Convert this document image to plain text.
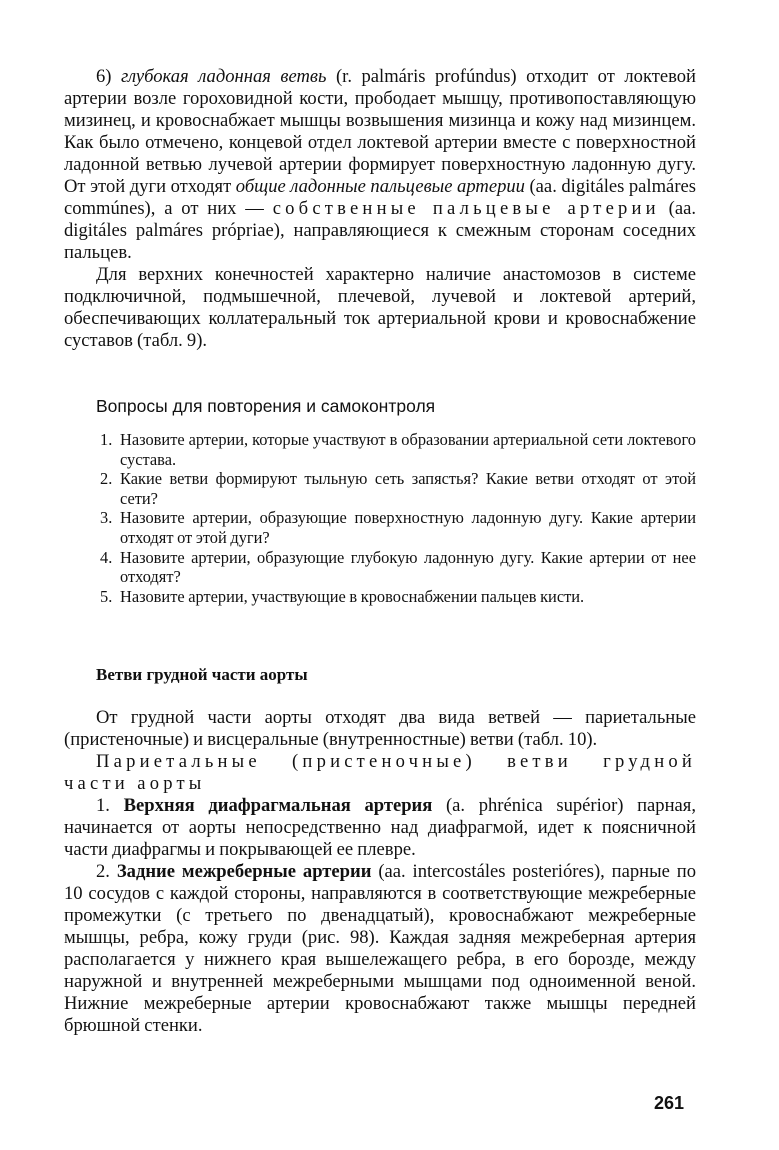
6) глубокая ладонная ветвь (r. palmáris profúndus) отходит от локтевой артерии возле гороховидной кости, прободает мышцу, противопоставляющую мизинец, и кровоснабжает мышцы возвышения мизинца и кожу над мизинцем. Как было отмечено, концевой отдел локтевой артерии вместе с поверхностной ладонной ветвью лучевой артерии формирует поверхностную ладонную дугу. От этой дуги отходят общие ладонные пальцевые артерии (aa. digitáles palmáres commúnes), а от них — собственные пальцевые артерии (aa. digitáles palmáres própriae), направляющиеся к смежным сторонам соседних пальцев.

Для верхних конечностей характерно наличие анастомозов в системе подключичной, подмышечной, плечевой, лучевой и локтевой артерий, обеспечивающих коллатеральный ток артериальной крови и кровоснабжение суставов (табл. 9).

Вопросы для повторения и самоконтроля

1. Назовите артерии, которые участвуют в образовании артериальной сети локтевого сустава.
2. Какие ветви формируют тыльную сеть запястья? Какие ветви отходят от этой сети?
3. Назовите артерии, образующие поверхностную ладонную дугу. Какие артерии отходят от этой дуги?
4. Назовите артерии, образующие глубокую ладонную дугу. Какие артерии от нее отходят?
5. Назовите артерии, участвующие в кровоснабжении пальцев кисти.

Ветви грудной части аорты

От грудной части аорты отходят два вида ветвей — париетальные (пристеночные) и висцеральные (внутренностные) ветви (табл. 10).

Париетальные (пристеночные) ветви грудной части аорты

1. Верхняя диафрагмальная артерия (a. phrénica supérior) парная, начинается от аорты непосредственно над диафрагмой, идет к поясничной части диафрагмы и покрывающей ее плевре.

2. Задние межреберные артерии (aa. intercostáles posterióres), парные по 10 сосудов с каждой стороны, направляются в соответствующие межреберные промежутки (с третьего по двенадцатый), кровоснабжают межреберные мышцы, ребра, кожу груди (рис. 98). Каждая задняя межреберная артерия располагается у нижнего края вышележащего ребра, в его борозде, между наружной и внутренней межреберными мышцами под одноименной веной. Нижние межреберные артерии кровоснабжают также мышцы передней брюшной стенки.

261
